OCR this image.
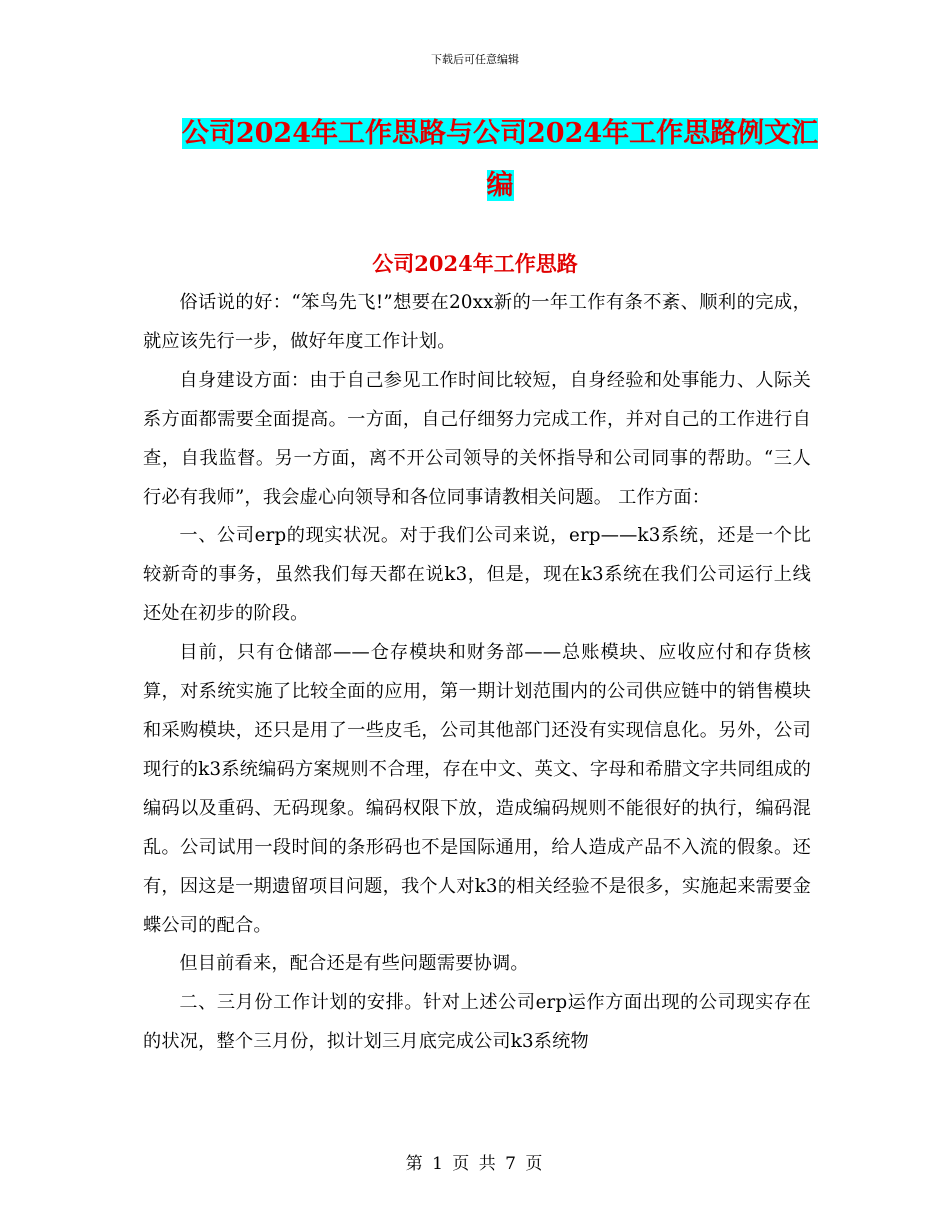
下载后可任意编辑
公司2024年工作思路与公司2024年工作思路例文汇
编
公司2024年工作思路

俗话说的好：“笨鸟先飞!”想要在20xx新的一年工作有条不紊、顺利的完成，就应该先行一步，做好年度工作计划。

自身建设方面：由于自己参见工作时间比较短，自身经验和处事能力、人际关系方面都需要全面提高。一方面，自己仔细努力完成工作，并对自己的工作进行自查，自我监督。另一方面，离不开公司领导的关怀指导和公司同事的帮助。“三人行必有我师”，我会虚心向领导和各位同事请教相关问题。 工作方面：

一、公司erp的现实状况。对于我们公司来说，erp——k3系统，还是一个比较新奇的事务，虽然我们每天都在说k3，但是，现在k3系统在我们公司运行上线还处在初步的阶段。

目前，只有仓储部——仓存模块和财务部——总账模块、应收应付和存货核算，对系统实施了比较全面的应用，第一期计划范围内的公司供应链中的销售模块和采购模块，还只是用了一些皮毛，公司其他部门还没有实现信息化。另外，公司现行的k3系统编码方案规则不合理，存在中文、英文、字母和希腊文字共同组成的编码以及重码、无码现象。编码权限下放，造成编码规则不能很好的执行，编码混乱。公司试用一段时间的条形码也不是国际通用，给人造成产品不入流的假象。还有，因这是一期遗留项目问题，我个人对k3的相关经验不是很多，实施起来需要金蝶公司的配合。

但目前看来，配合还是有些问题需要协调。

二、三月份工作计划的安排。针对上述公司erp运作方面出现的公司现实存在的状况，整个三月份，拟计划三月底完成公司k3系统物

第 1 页 共 7 页
